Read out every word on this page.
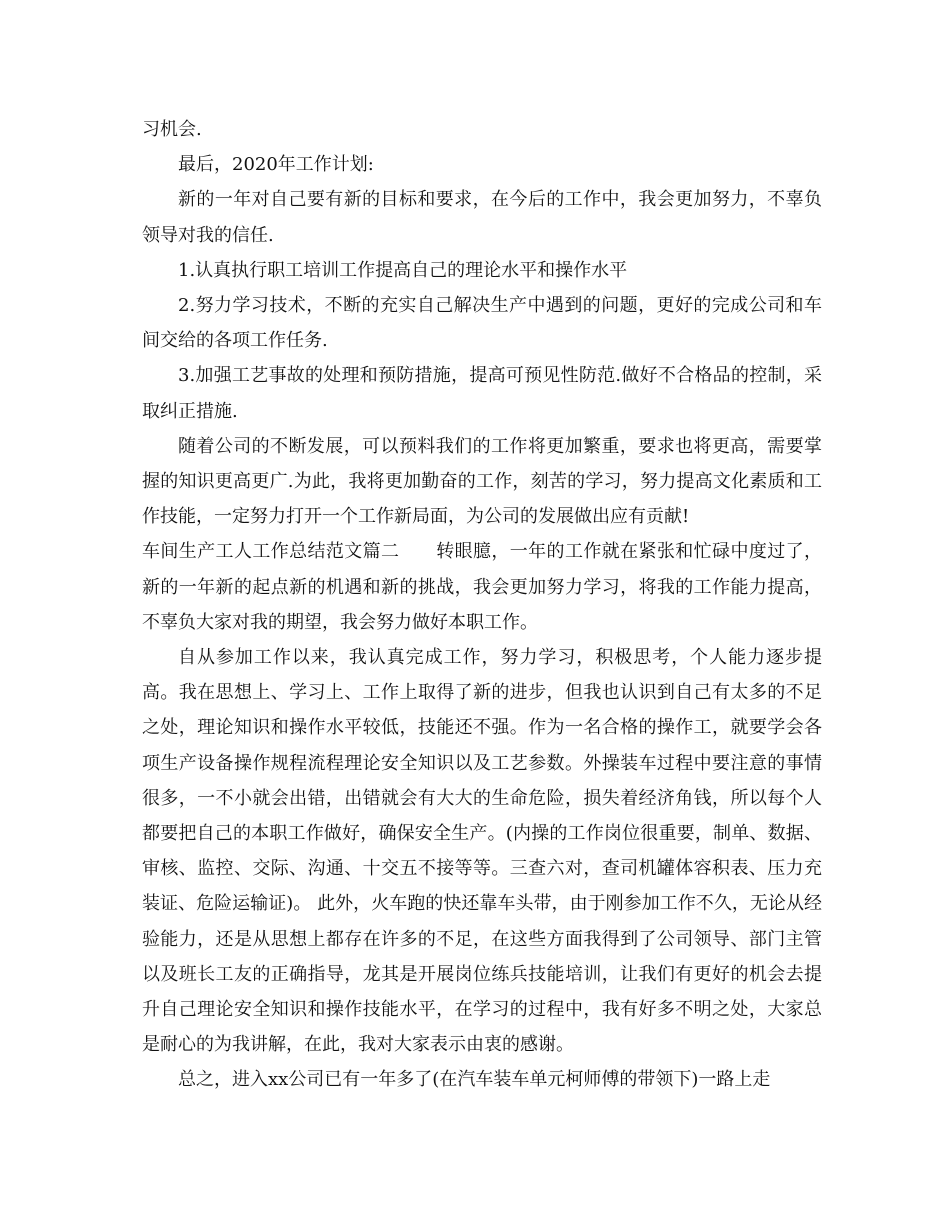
习机会.

最后，2020年工作计划:

新的一年对自己要有新的目标和要求，在今后的工作中，我会更加努力，不辜负领导对我的信任.

1.认真执行职工培训工作提高自己的理论水平和操作水平

2.努力学习技术，不断的充实自己解决生产中遇到的问题，更好的完成公司和车间交给的各项工作任务.

3.加强工艺事故的处理和预防措施，提高可预见性防范.做好不合格品的控制，采取纠正措施.

随着公司的不断发展，可以预料我们的工作将更加繁重，要求也将更高，需要掌握的知识更高更广.为此，我将更加勤奋的工作，刻苦的学习，努力提高文化素质和工作技能，一定努力打开一个工作新局面，为公司的发展做出应有贡献!

车间生产工人工作总结范文篇二　　转眼臆，一年的工作就在紧张和忙碌中度过了，新的一年新的起点新的机遇和新的挑战，我会更加努力学习，将我的工作能力提高，不辜负大家对我的期望，我会努力做好本职工作。

自从参加工作以来，我认真完成工作，努力学习，积极思考，个人能力逐步提高。我在思想上、学习上、工作上取得了新的进步，但我也认识到自己有太多的不足之处，理论知识和操作水平较低，技能还不强。作为一名合格的操作工，就要学会各项生产设备操作规程流程理论安全知识以及工艺参数。外操装车过程中要注意的事情很多，一不小就会出错，出错就会有大大的生命危险，损失着经济角钱，所以每个人都要把自己的本职工作做好，确保安全生产。(内操的工作岗位很重要，制单、数据、审核、监控、交际、沟通、十交五不接等等。三查六对，查司机罐体容积表、压力充装证、危险运输证)。 此外，火车跑的快还靠车头带，由于刚参加工作不久，无论从经验能力，还是从思想上都存在许多的不足，在这些方面我得到了公司领导、部门主管以及班长工友的正确指导，龙其是开展岗位练兵技能培训，让我们有更好的机会去提升自己理论安全知识和操作技能水平，在学习的过程中，我有好多不明之处，大家总是耐心的为我讲解，在此，我对大家表示由衷的感谢。

总之，进入xx公司已有一年多了(在汽车装车单元柯师傅的带领下)一路上走
